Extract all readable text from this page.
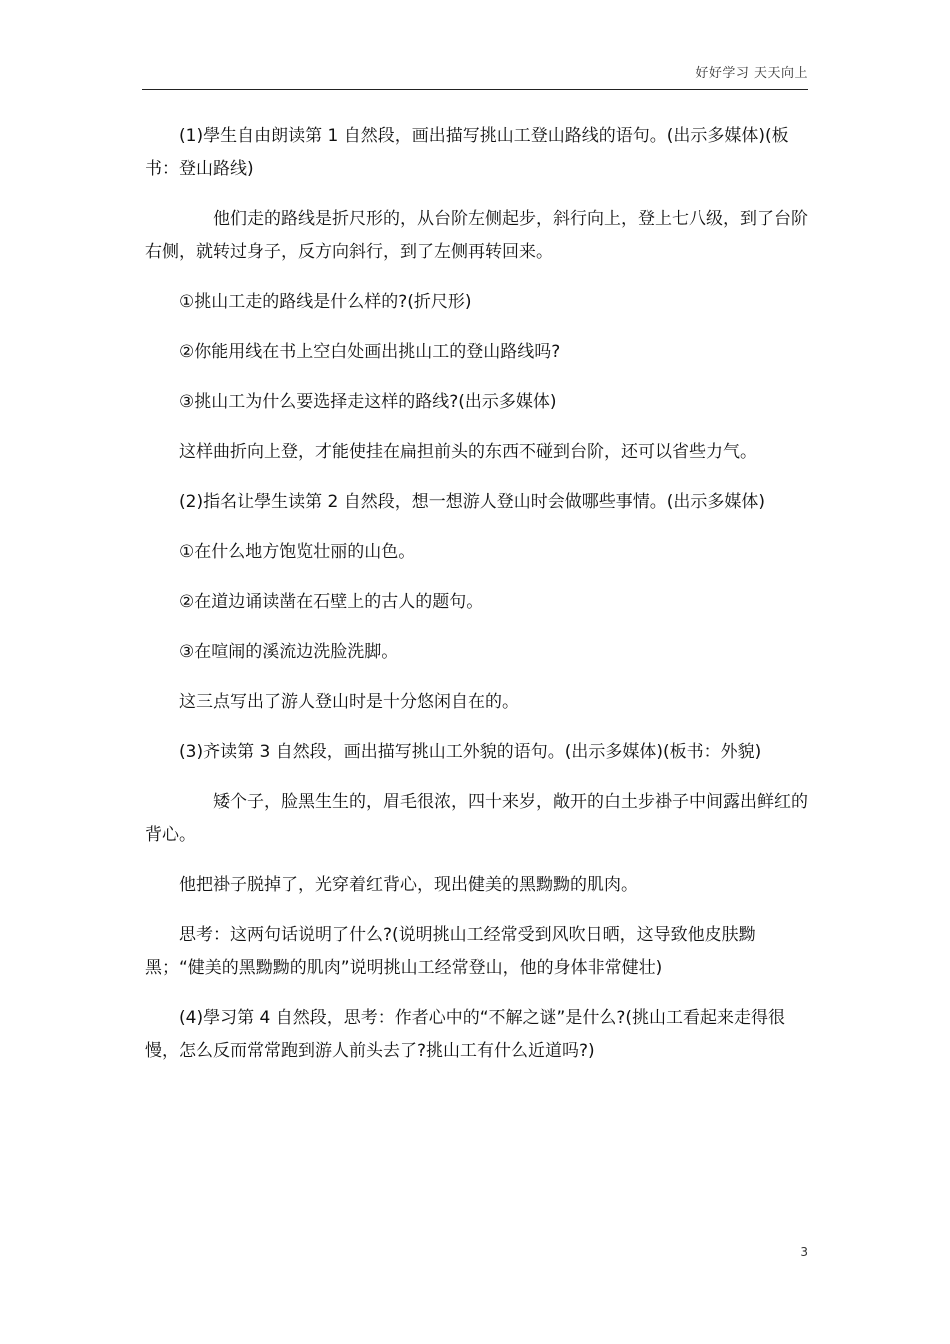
好好学习 天天向上

　　(1)學生自由朗读第 1 自然段，画出描写挑山工登山路线的语句。(出示多媒体)(板书：登山路线)

　　　　他们走的路线是折尺形的，从台阶左侧起步，斜行向上，登上七八级，到了台阶右侧，就转过身子，反方向斜行，到了左侧再转回来。

　　①挑山工走的路线是什么样的?(折尺形)

　　②你能用线在书上空白处画出挑山工的登山路线吗?

　　③挑山工为什么要选择走这样的路线?(出示多媒体)

　　这样曲折向上登，才能使挂在扁担前头的东西不碰到台阶，还可以省些力气。

　　(2)指名让學生读第 2 自然段，想一想游人登山时会做哪些事情。(出示多媒体)

　　①在什么地方饱览壮丽的山色。

　　②在道边诵读凿在石壁上的古人的题句。

　　③在喧闹的溪流边洗脸洗脚。

　　这三点写出了游人登山时是十分悠闲自在的。

　　(3)齐读第 3 自然段，画出描写挑山工外貌的语句。(出示多媒体)(板书：外貌)

　　　　矮个子，脸黑生生的，眉毛很浓，四十来岁，敞开的白土步褂子中间露出鲜红的背心。

　　他把褂子脱掉了，光穿着红背心，现出健美的黑黝黝的肌肉。

　　思考：这两句话说明了什么?(说明挑山工经常受到风吹日晒，这导致他皮肤黝黑；“健美的黑黝黝的肌肉”说明挑山工经常登山，他的身体非常健壮)

　　(4)學习第 4 自然段，思考：作者心中的“不解之谜”是什么?(挑山工看起来走得很慢，怎么反而常常跑到游人前头去了?挑山工有什么近道吗?)

3
